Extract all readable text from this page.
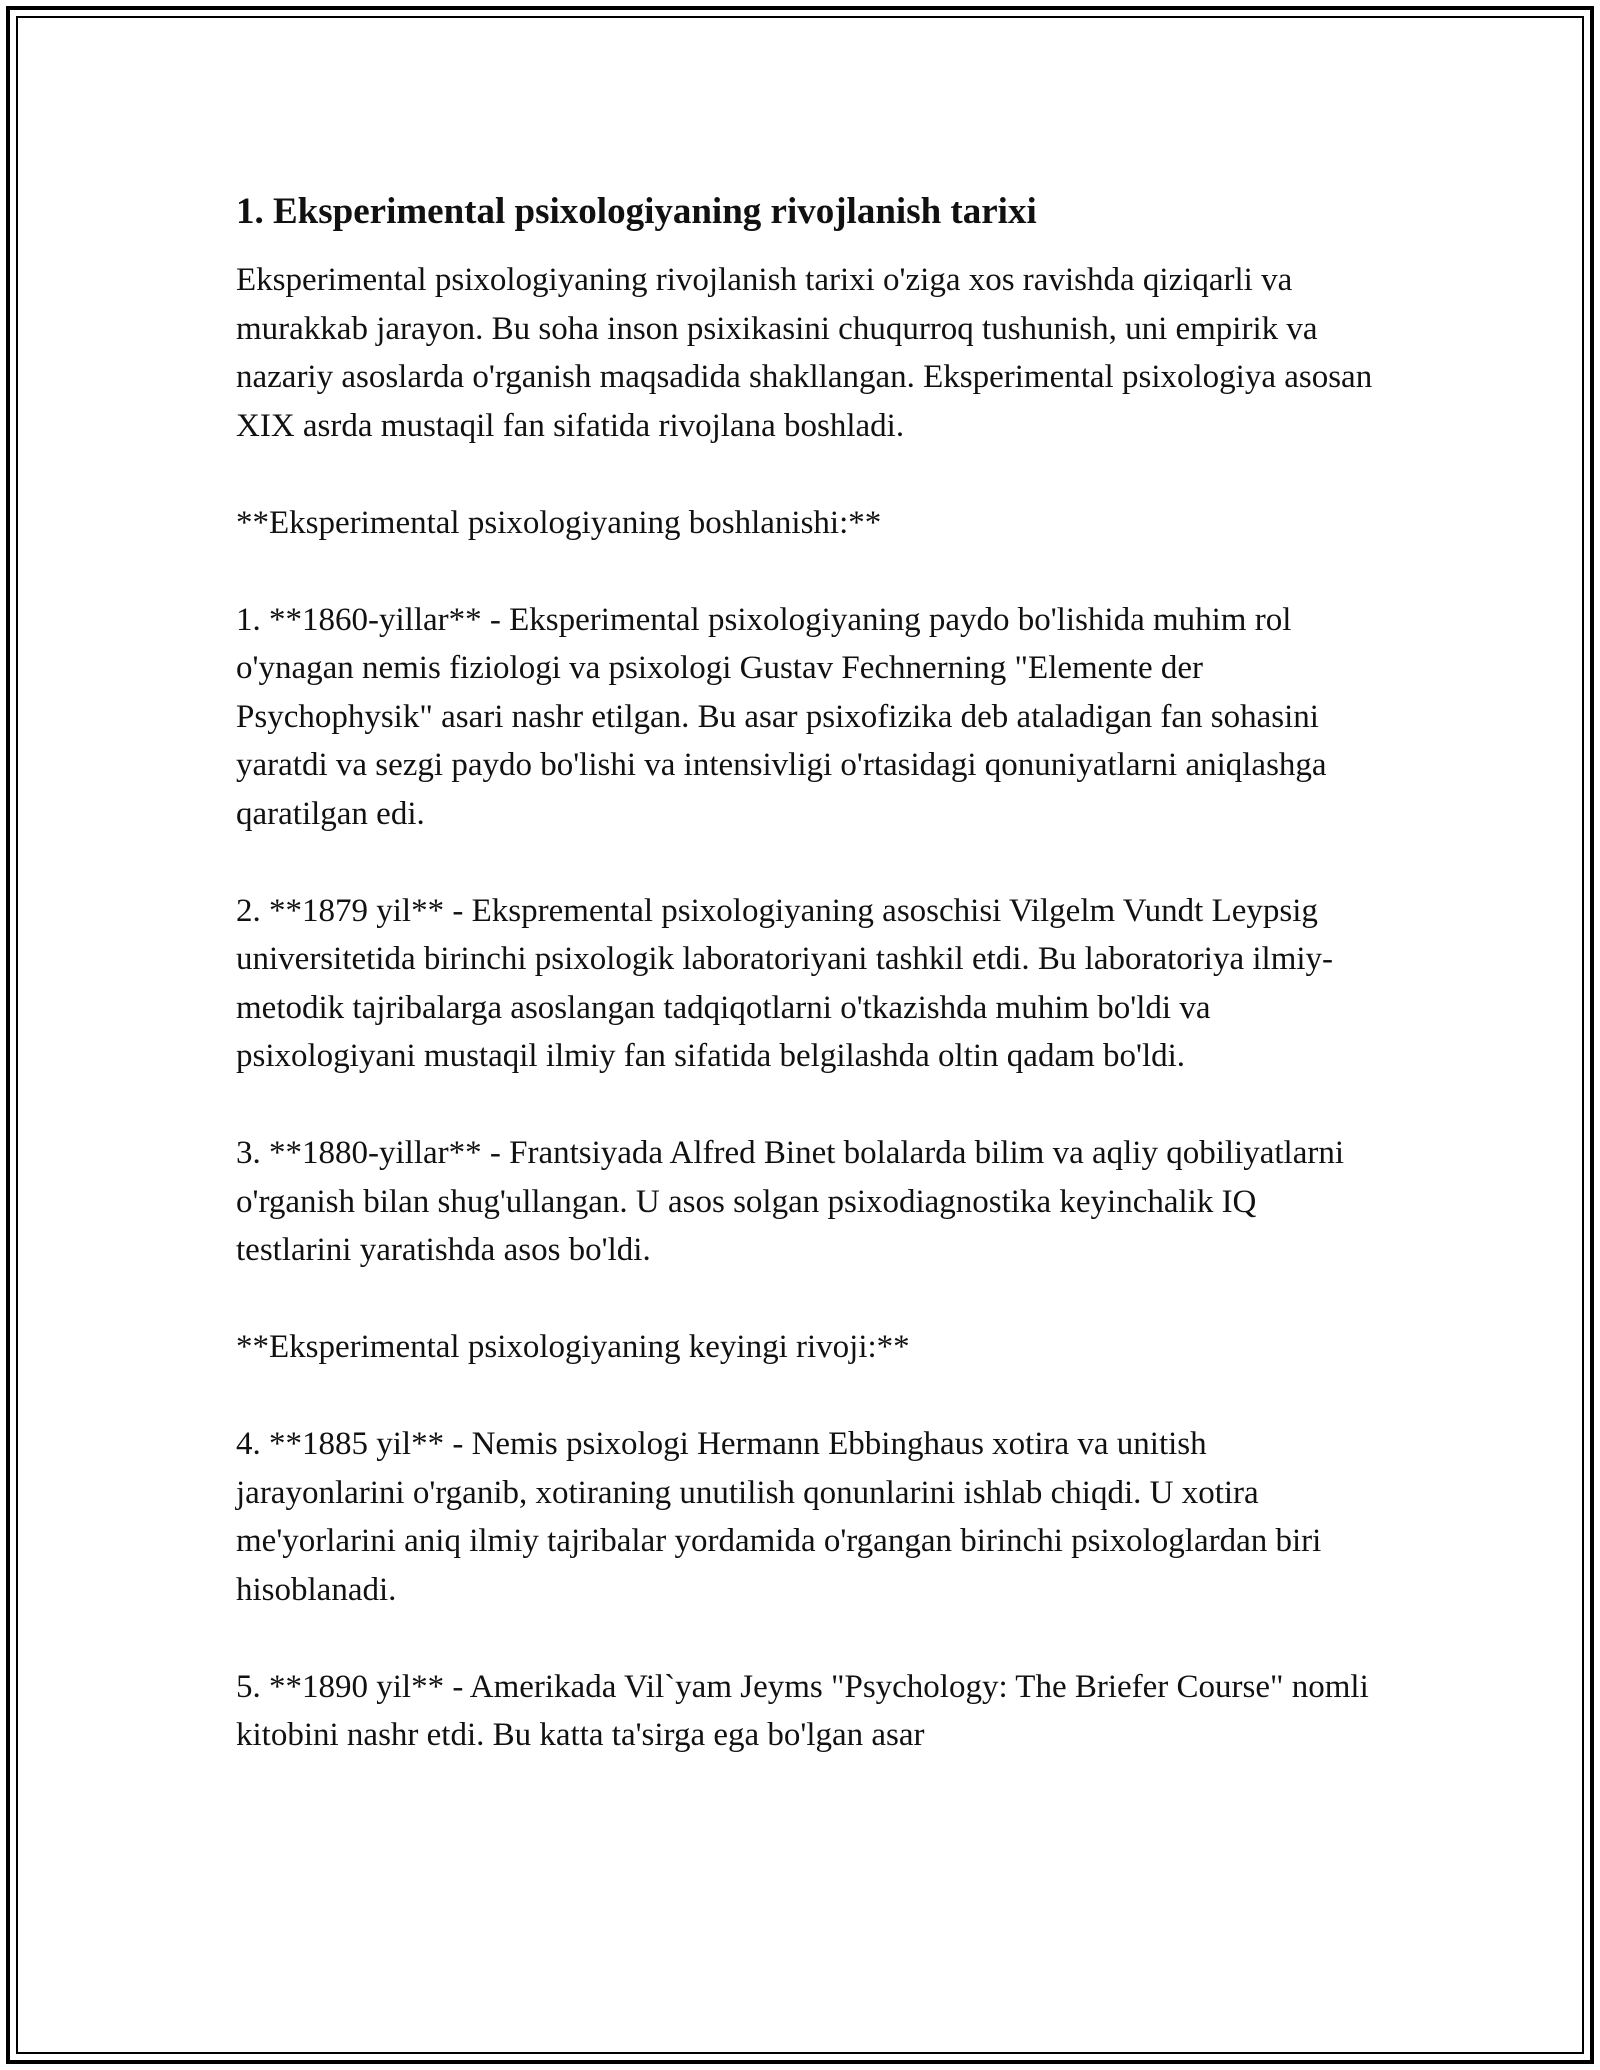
1. Eksperimental psixologiyaning rivojlanish tarixi

Eksperimental psixologiyaning rivojlanish tarixi o'ziga xos ravishda qiziqarli va murakkab jarayon. Bu soha inson psixikasini chuqurroq tushunish, uni empirik va nazariy asoslarda o'rganish maqsadida shakllangan. Eksperimental psixologiya asosan XIX asrda mustaqil fan sifatida rivojlana boshladi.

**Eksperimental psixologiyaning boshlanishi:**

1. **1860-yillar** - Eksperimental psixologiyaning paydo bo'lishida muhim rol o'ynagan nemis fiziologi va psixologi Gustav Fechnerning "Elemente der Psychophysik" asari nashr etilgan. Bu asar psixofizika deb ataladigan fan sohasini yaratdi va sezgi paydo bo'lishi va intensivligi o'rtasidagi qonuniyatlarni aniqlashga qaratilgan edi.

2. **1879 yil** - Ekspremental psixologiyaning asoschisi Vilgelm Vundt Leypsig universitetida birinchi psixologik laboratoriyani tashkil etdi. Bu laboratoriya ilmiy-metodik tajribalarga asoslangan tadqiqotlarni o'tkazishda muhim bo'ldi va psixologiyani mustaqil ilmiy fan sifatida belgilashda oltin qadam bo'ldi.

3. **1880-yillar** - Frantsiyada Alfred Binet bolalarda bilim va aqliy qobiliyatlarni o'rganish bilan shug'ullangan. U asos solgan psixodiagnostika keyinchalik IQ testlarini yaratishda asos bo'ldi.

**Eksperimental psixologiyaning keyingi rivoji:**

4. **1885 yil** - Nemis psixologi Hermann Ebbinghaus xotira va unitish jarayonlarini o'rganib, xotiraning unutilish qonunlarini ishlab chiqdi. U xotira me'yorlarini aniq ilmiy tajribalar yordamida o'rgangan birinchi psixologlardan biri hisoblanadi.

5. **1890 yil** - Amerikada Vil`yam Jeyms "Psychology: The Briefer Course" nomli kitobini nashr etdi. Bu katta ta'sirga ega bo'lgan asar
